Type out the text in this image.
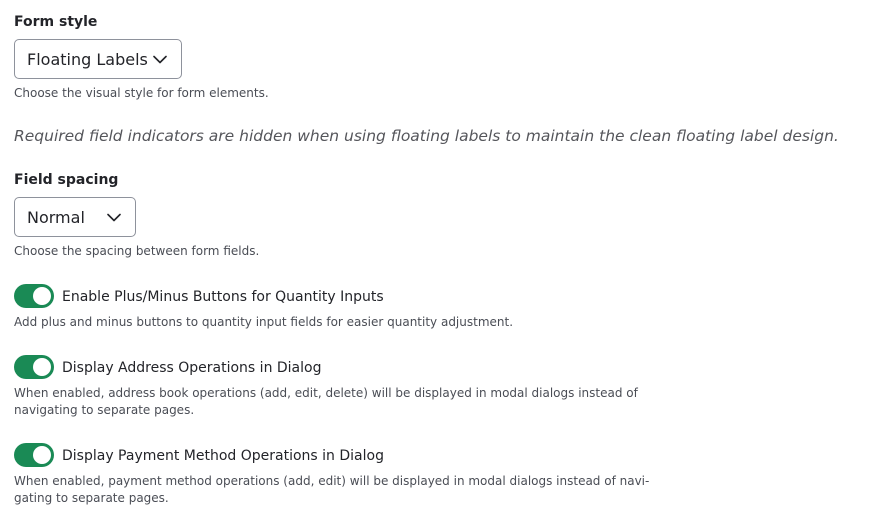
Form style
Floating Labels
Choose the visual style for form elements.
Required field indicators are hidden when using floating labels to maintain the clean floating label design.
Field spacing
Normal
Choose the spacing between form fields.
Enable Plus/Minus Buttons for Quantity Inputs
Add plus and minus buttons to quantity input fields for easier quantity adjustment.
Display Address Operations in Dialog
When enabled, address book operations (add, edit, delete) will be displayed in modal dialogs instead of
navigating to separate pages.
Display Payment Method Operations in Dialog
When enabled, payment method operations (add, edit) will be displayed in modal dialogs instead of navi-
gating to separate pages.
